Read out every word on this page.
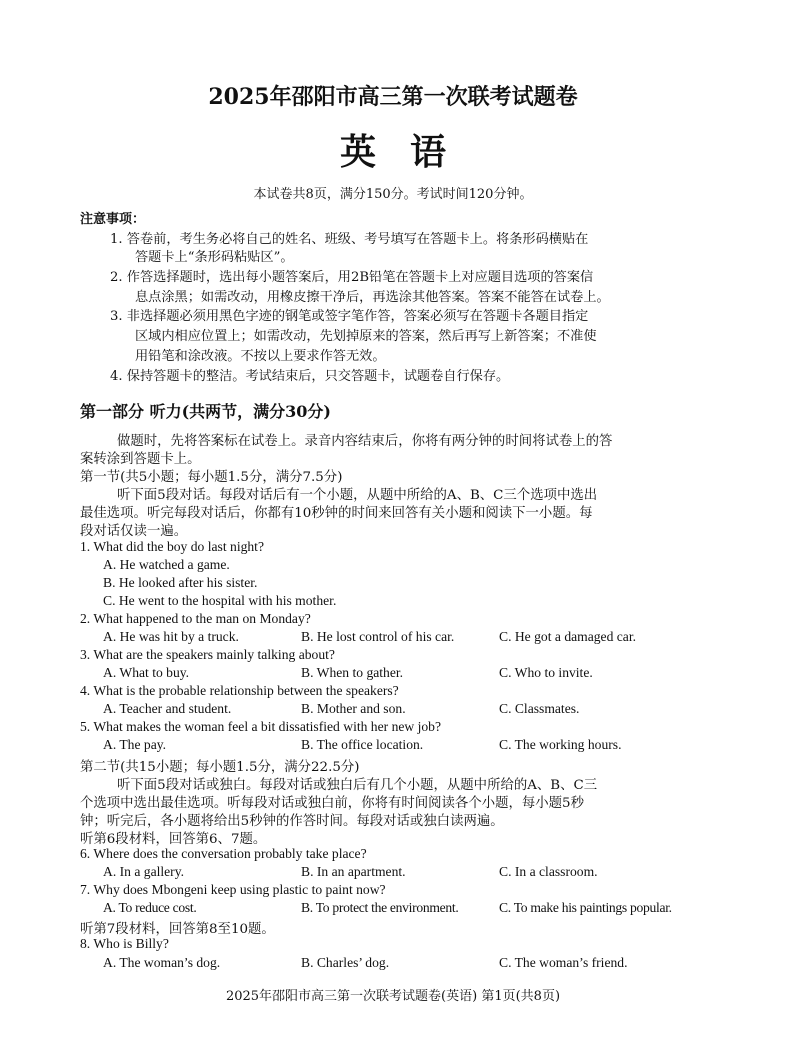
2025年邵阳市高三第一次联考试题卷
英语
本试卷共8页，满分150分。考试时间120分钟。
注意事项：
1. 答卷前，考生务必将自己的姓名、班级、考号填写在答题卡上。将条形码横贴在
答题卡上“条形码粘贴区”。
2. 作答选择题时，选出每小题答案后，用2B铅笔在答题卡上对应题目选项的答案信
息点涂黑；如需改动，用橡皮擦干净后，再选涂其他答案。答案不能答在试卷上。
3. 非选择题必须用黑色字迹的钢笔或签字笔作答，答案必须写在答题卡各题目指定
区域内相应位置上；如需改动，先划掉原来的答案，然后再写上新答案；不准使
用铅笔和涂改液。不按以上要求作答无效。
4. 保持答题卡的整洁。考试结束后，只交答题卡，试题卷自行保存。
第一部分 听力(共两节，满分30分)
做题时，先将答案标在试卷上。录音内容结束后，你将有两分钟的时间将试卷上的答
案转涂到答题卡上。
第一节(共5小题；每小题1.5分，满分7.5分)
听下面5段对话。每段对话后有一个小题，从题中所给的A、B、C三个选项中选出
最佳选项。听完每段对话后，你都有10秒钟的时间来回答有关小题和阅读下一小题。每
段对话仅读一遍。
1. What did the boy do last night?
A. He watched a game.
B. He looked after his sister.
C. He went to the hospital with his mother.
2. What happened to the man on Monday?
A. He was hit by a truck.	B. He lost control of his car.	C. He got a damaged car.
3. What are the speakers mainly talking about?
A. What to buy.	B. When to gather.	C. Who to invite.
4. What is the probable relationship between the speakers?
A. Teacher and student.	B. Mother and son.	C. Classmates.
5. What makes the woman feel a bit dissatisfied with her new job?
A. The pay.	B. The office location.	C. The working hours.
第二节(共15小题；每小题1.5分，满分22.5分)
听下面5段对话或独白。每段对话或独白后有几个小题，从题中所给的A、B、C三
个选项中选出最佳选项。听每段对话或独白前，你将有时间阅读各个小题，每小题5秒
钟；听完后，各小题将给出5秒钟的作答时间。每段对话或独白读两遍。
听第6段材料，回答第6、7题。
6. Where does the conversation probably take place?
A. In a gallery.	B. In an apartment.	C. In a classroom.
7. Why does Mbongeni keep using plastic to paint now?
A. To reduce cost.	B. To protect the environment.	C. To make his paintings popular.
听第7段材料，回答第8至10题。
8. Who is Billy?
A. The woman’s dog.	B. Charles’ dog.	C. The woman’s friend.
2025年邵阳市高三第一次联考试题卷(英语) 第1页(共8页)
